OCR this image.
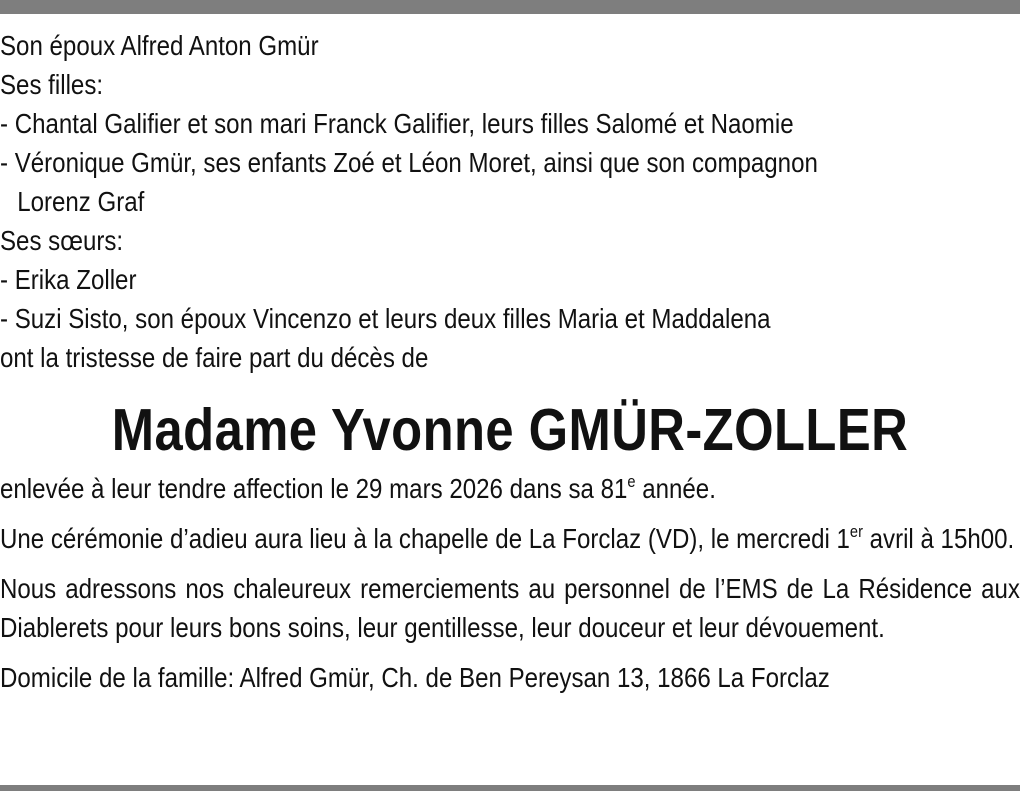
Son époux Alfred Anton Gmür
Ses filles:
- Chantal Galifier et son mari Franck Galifier, leurs filles Salomé et Naomie
- Véronique Gmür, ses enfants Zoé et Léon Moret, ainsi que son compagnon
Lorenz Graf
Ses sœurs:
- Erika Zoller
- Suzi Sisto, son époux Vincenzo et leurs deux filles Maria et Maddalena
ont la tristesse de faire part du décès de
Madame Yvonne GMÜR-ZOLLER
enlevée à leur tendre affection le 29 mars 2026 dans sa 81e année.
Une cérémonie d’adieu aura lieu à la chapelle de La Forclaz (VD), le mercredi 1er avril à 15h00.
Nous adressons nos chaleureux remerciements au personnel de l’EMS de La Résidence aux Diablerets pour leurs bons soins, leur gentillesse, leur douceur et leur dévouement.
Domicile de la famille: Alfred Gmür, Ch. de Ben Pereysan 13, 1866 La Forclaz
